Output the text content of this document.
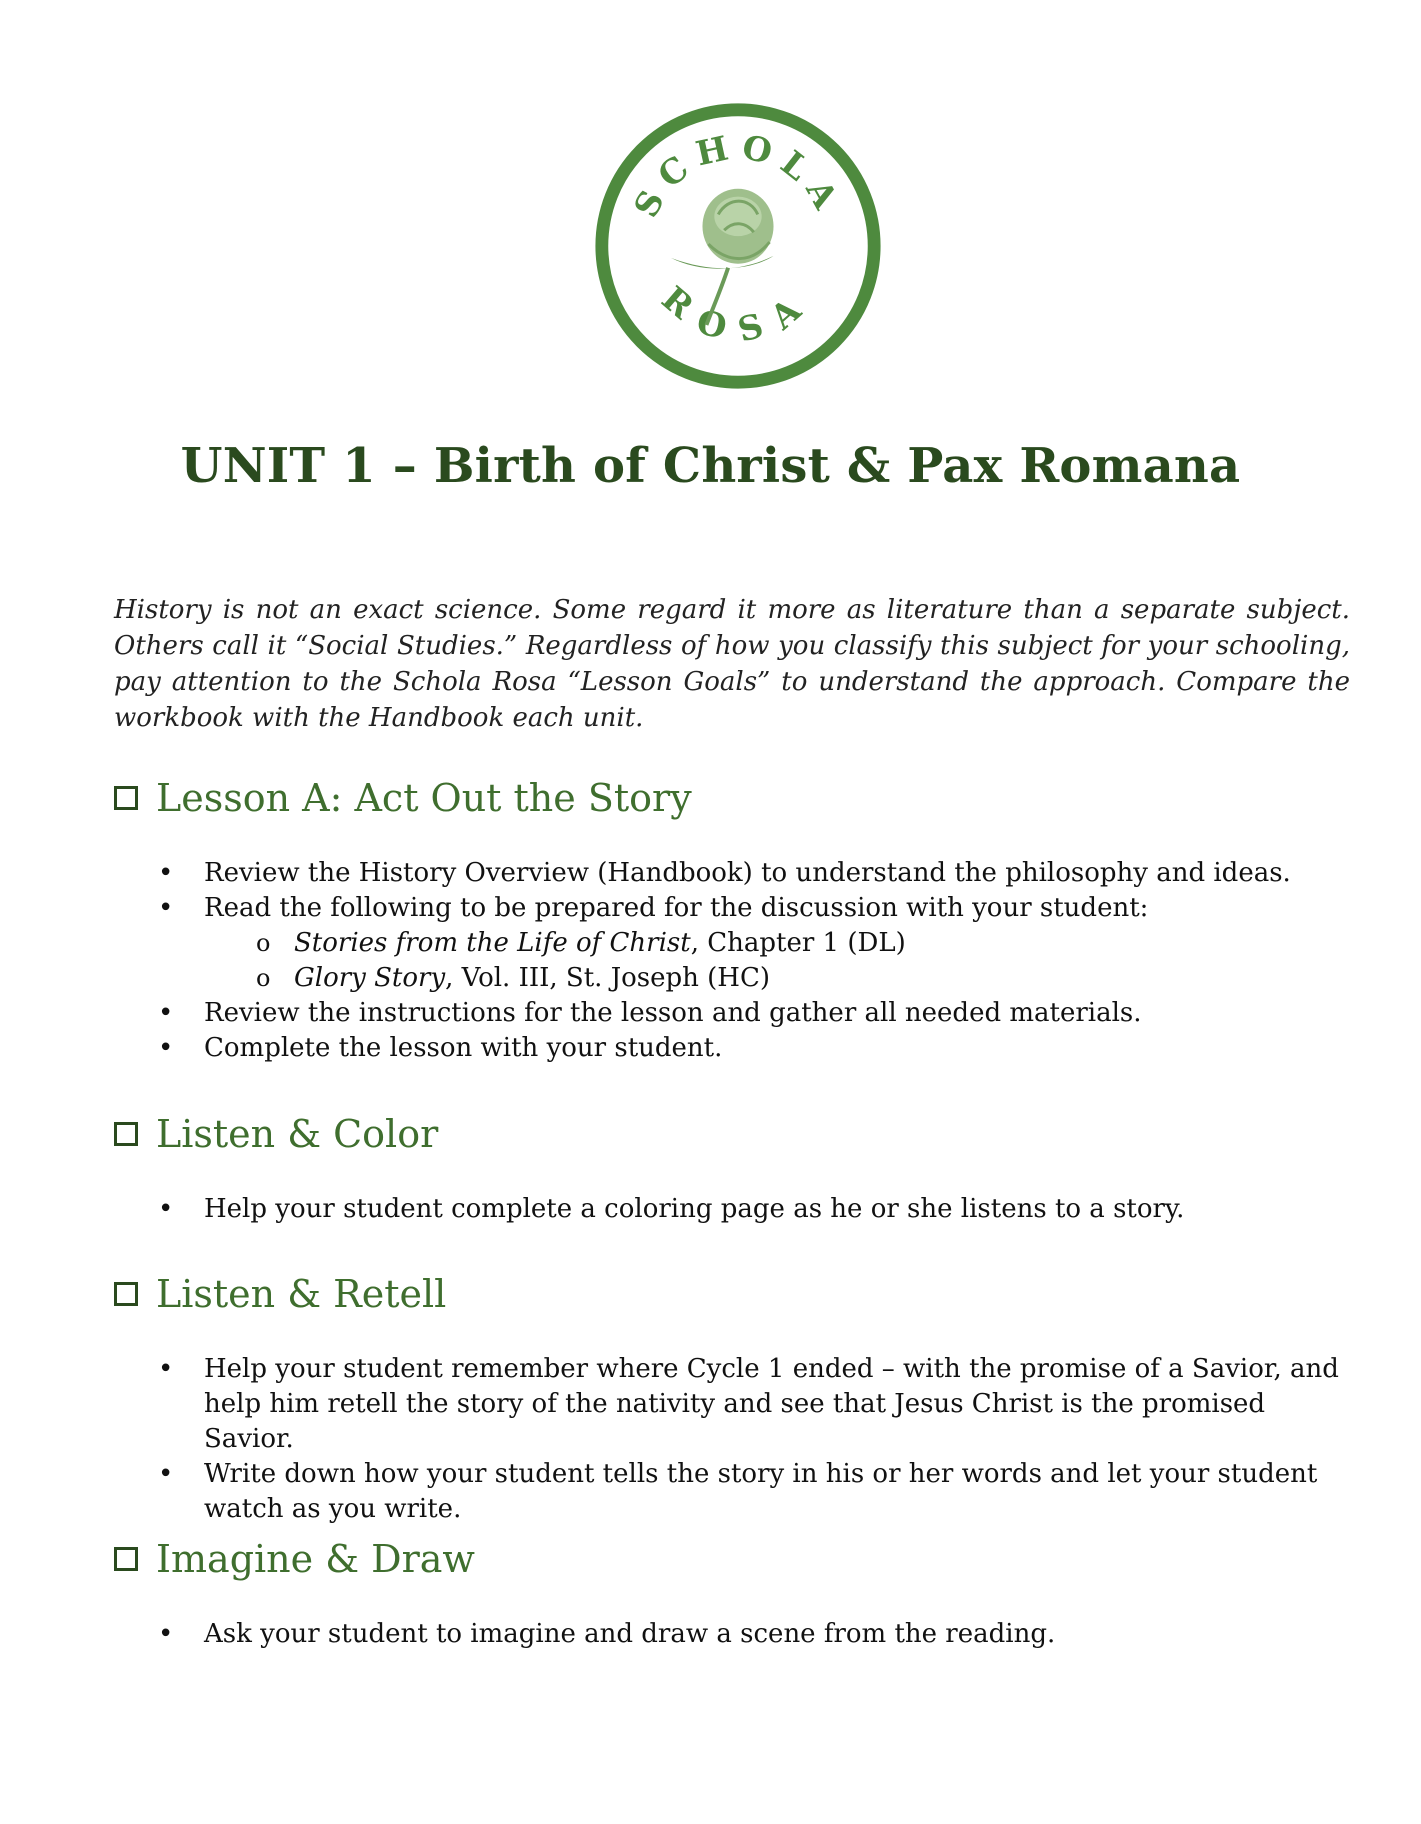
SCHOLA
ROSA
UNIT 1 – Birth of Christ & Pax Romana

History is not an exact science. Some regard it more as literature than a separate subject. Others call it “Social Studies.” Regardless of how you classify this subject for your schooling, pay attention to the Schola Rosa “Lesson Goals” to understand the approach. Compare the workbook with the Handbook each unit.

Lesson A: Act Out the Story
• Review the History Overview (Handbook) to understand the philosophy and ideas.
• Read the following to be prepared for the discussion with your student:
o Stories from the Life of Christ, Chapter 1 (DL)
o Glory Story, Vol. III, St. Joseph (HC)
• Review the instructions for the lesson and gather all needed materials.
• Complete the lesson with your student.
Listen & Color
• Help your student complete a coloring page as he or she listens to a story.
Listen & Retell
• Help your student remember where Cycle 1 ended – with the promise of a Savior, and help him retell the story of the nativity and see that Jesus Christ is the promised Savior.
• Write down how your student tells the story in his or her words and let your student watch as you write.
Imagine & Draw
• Ask your student to imagine and draw a scene from the reading.
